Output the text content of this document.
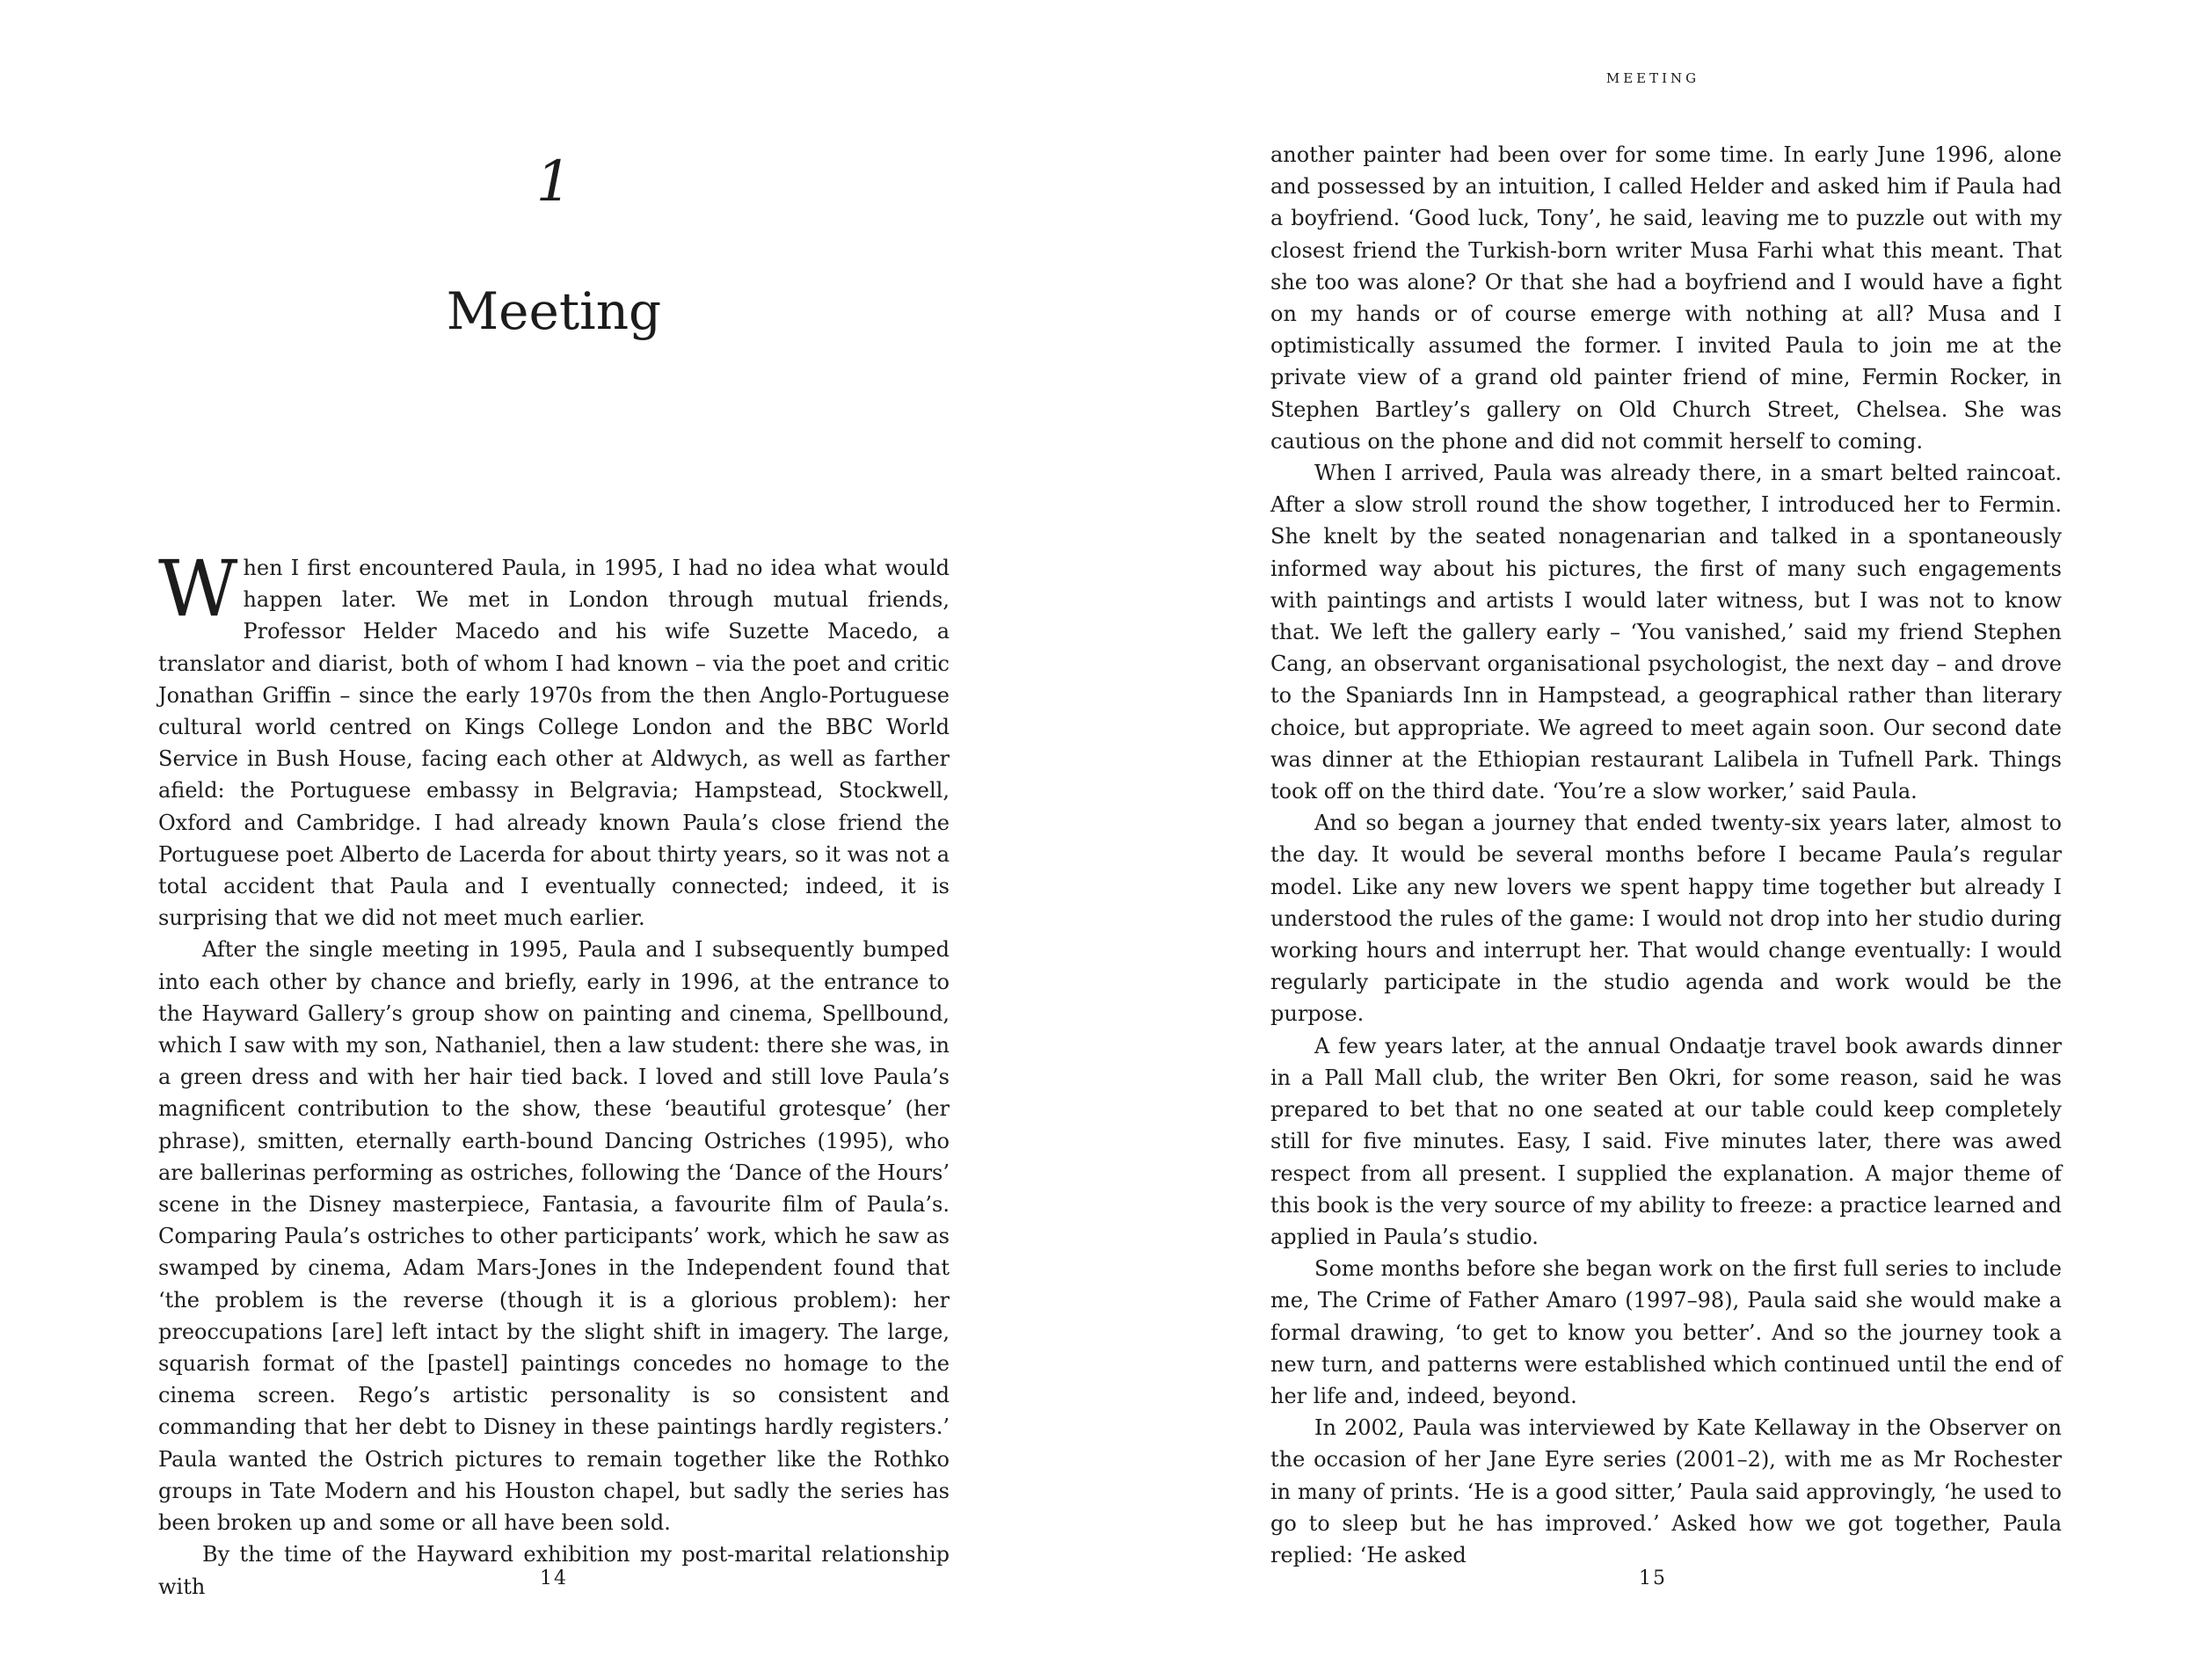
1
Meeting

When I first encountered Paula, in 1995, I had no idea what would happen later. We met in London through mutual friends, Professor Helder Macedo and his wife Suzette Macedo, a translator and diarist, both of whom I had known – via the poet and critic Jonathan Griffin – since the early 1970s from the then Anglo-Portuguese cultural world centred on Kings College London and the BBC World Service in Bush House, facing each other at Aldwych, as well as farther afield: the Portuguese embassy in Belgravia; Hampstead, Stockwell, Oxford and Cambridge. I had already known Paula’s close friend the Portuguese poet Alberto de Lacerda for about thirty years, so it was not a total accident that Paula and I eventually connected; indeed, it is surprising that we did not meet much earlier.

After the single meeting in 1995, Paula and I subsequently bumped into each other by chance and briefly, early in 1996, at the entrance to the Hayward Gallery’s group show on painting and cinema, Spellbound, which I saw with my son, Nathaniel, then a law student: there she was, in a green dress and with her hair tied back. I loved and still love Paula’s magnificent contribution to the show, these ‘beautiful grotesque’ (her phrase), smitten, eternally earth-bound Dancing Ostriches (1995), who are ballerinas performing as ostriches, following the ‘Dance of the Hours’ scene in the Disney masterpiece, Fantasia, a favourite film of Paula’s. Comparing Paula’s ostriches to other participants’ work, which he saw as swamped by cinema, Adam Mars-Jones in the Independent found that ‘the problem is the reverse (though it is a glorious problem): her preoccupations [are] left intact by the slight shift in imagery. The large, squarish format of the [pastel] paintings concedes no homage to the cinema screen. Rego’s artistic personality is so consistent and commanding that her debt to Disney in these paintings hardly registers.’ Paula wanted the Ostrich pictures to remain together like the Rothko groups in Tate Modern and his Houston chapel, but sadly the series has been broken up and some or all have been sold.

By the time of the Hayward exhibition my post-marital relationship with	14
MEETING

another painter had been over for some time. In early June 1996, alone and possessed by an intuition, I called Helder and asked him if Paula had a boyfriend. ‘Good luck, Tony’, he said, leaving me to puzzle out with my closest friend the Turkish-born writer Musa Farhi what this meant. That she too was alone? Or that she had a boyfriend and I would have a fight on my hands or of course emerge with nothing at all? Musa and I optimistically assumed the former. I invited Paula to join me at the private view of a grand old painter friend of mine, Fermin Rocker, in Stephen Bartley’s gallery on Old Church Street, Chelsea. She was cautious on the phone and did not commit herself to coming.

When I arrived, Paula was already there, in a smart belted raincoat. After a slow stroll round the show together, I introduced her to Fermin. She knelt by the seated nonagenarian and talked in a spontaneously informed way about his pictures, the first of many such engagements with paintings and artists I would later witness, but I was not to know that. We left the gallery early – ‘You vanished,’ said my friend Stephen Cang, an observant organisational psychologist, the next day – and drove to the Spaniards Inn in Hampstead, a geographical rather than literary choice, but appropriate. We agreed to meet again soon. Our second date was dinner at the Ethiopian restaurant Lalibela in Tufnell Park. Things took off on the third date. ‘You’re a slow worker,’ said Paula.

And so began a journey that ended twenty-six years later, almost to the day. It would be several months before I became Paula’s regular model. Like any new lovers we spent happy time together but already I understood the rules of the game: I would not drop into her studio during working hours and interrupt her. That would change eventually: I would regularly participate in the studio agenda and work would be the purpose.

A few years later, at the annual Ondaatje travel book awards dinner in a Pall Mall club, the writer Ben Okri, for some reason, said he was prepared to bet that no one seated at our table could keep completely still for five minutes. Easy, I said. Five minutes later, there was awed respect from all present. I supplied the explanation. A major theme of this book is the very source of my ability to freeze: a practice learned and applied in Paula’s studio.

Some months before she began work on the first full series to include me, The Crime of Father Amaro (1997–98), Paula said she would make a formal drawing, ‘to get to know you better’. And so the journey took a new turn, and patterns were established which continued until the end of her life and, indeed, beyond.

In 2002, Paula was interviewed by Kate Kellaway in the Observer on the occasion of her Jane Eyre series (2001–2), with me as Mr Rochester in many of prints. ‘He is a good sitter,’ Paula said approvingly, ‘he used to go to sleep but he has improved.’ Asked how we got together, Paula replied: ‘He asked

15
